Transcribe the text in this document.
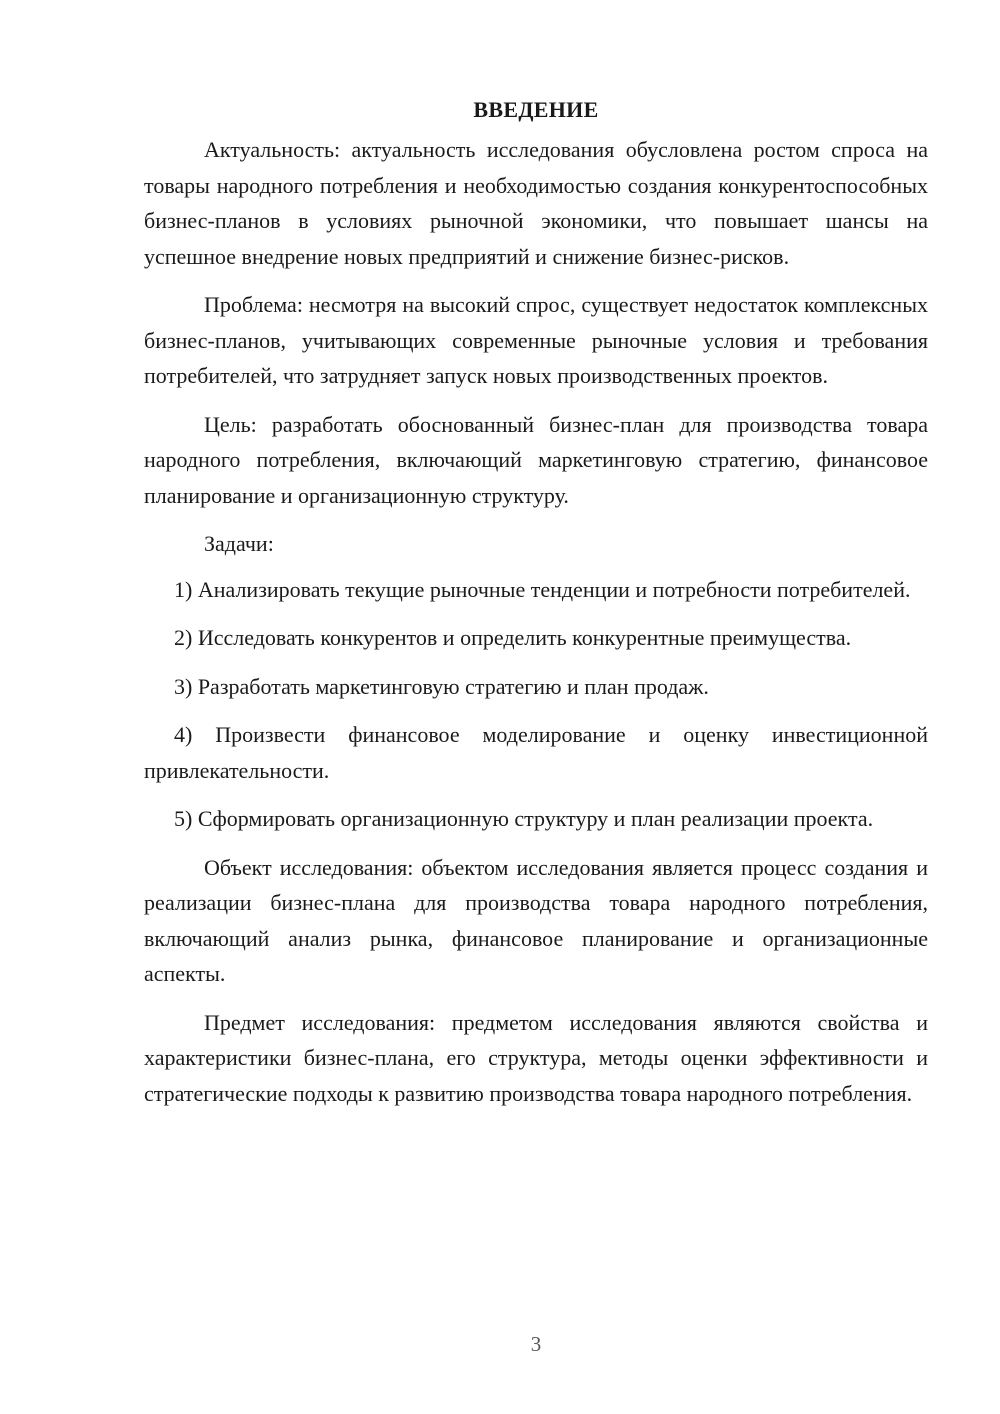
ВВЕДЕНИЕ

Актуальность: актуальность исследования обусловлена ростом спроса на товары народного потребления и необходимостью создания конкурентоспособных бизнес-планов в условиях рыночной экономики, что повышает шансы на успешное внедрение новых предприятий и снижение бизнес-рисков.

Проблема: несмотря на высокий спрос, существует недостаток комплексных бизнес-планов, учитывающих современные рыночные условия и требования потребителей, что затрудняет запуск новых производственных проектов.

Цель: разработать обоснованный бизнес-план для производства товара народного потребления, включающий маркетинговую стратегию, финансовое планирование и организационную структуру.

Задачи:

1) Анализировать текущие рыночные тенденции и потребности потребителей.

2) Исследовать конкурентов и определить конкурентные преимущества.

3) Разработать маркетинговую стратегию и план продаж.

4) Произвести финансовое моделирование и оценку инвестиционной привлекательности.

5) Сформировать организационную структуру и план реализации проекта.

Объект исследования: объектом исследования является процесс создания и реализации бизнес-плана для производства товара народного потребления, включающий анализ рынка, финансовое планирование и организационные аспекты.

Предмет исследования: предметом исследования являются свойства и характеристики бизнес-плана, его структура, методы оценки эффективности и стратегические подходы к развитию производства товара народного потребления.

3
